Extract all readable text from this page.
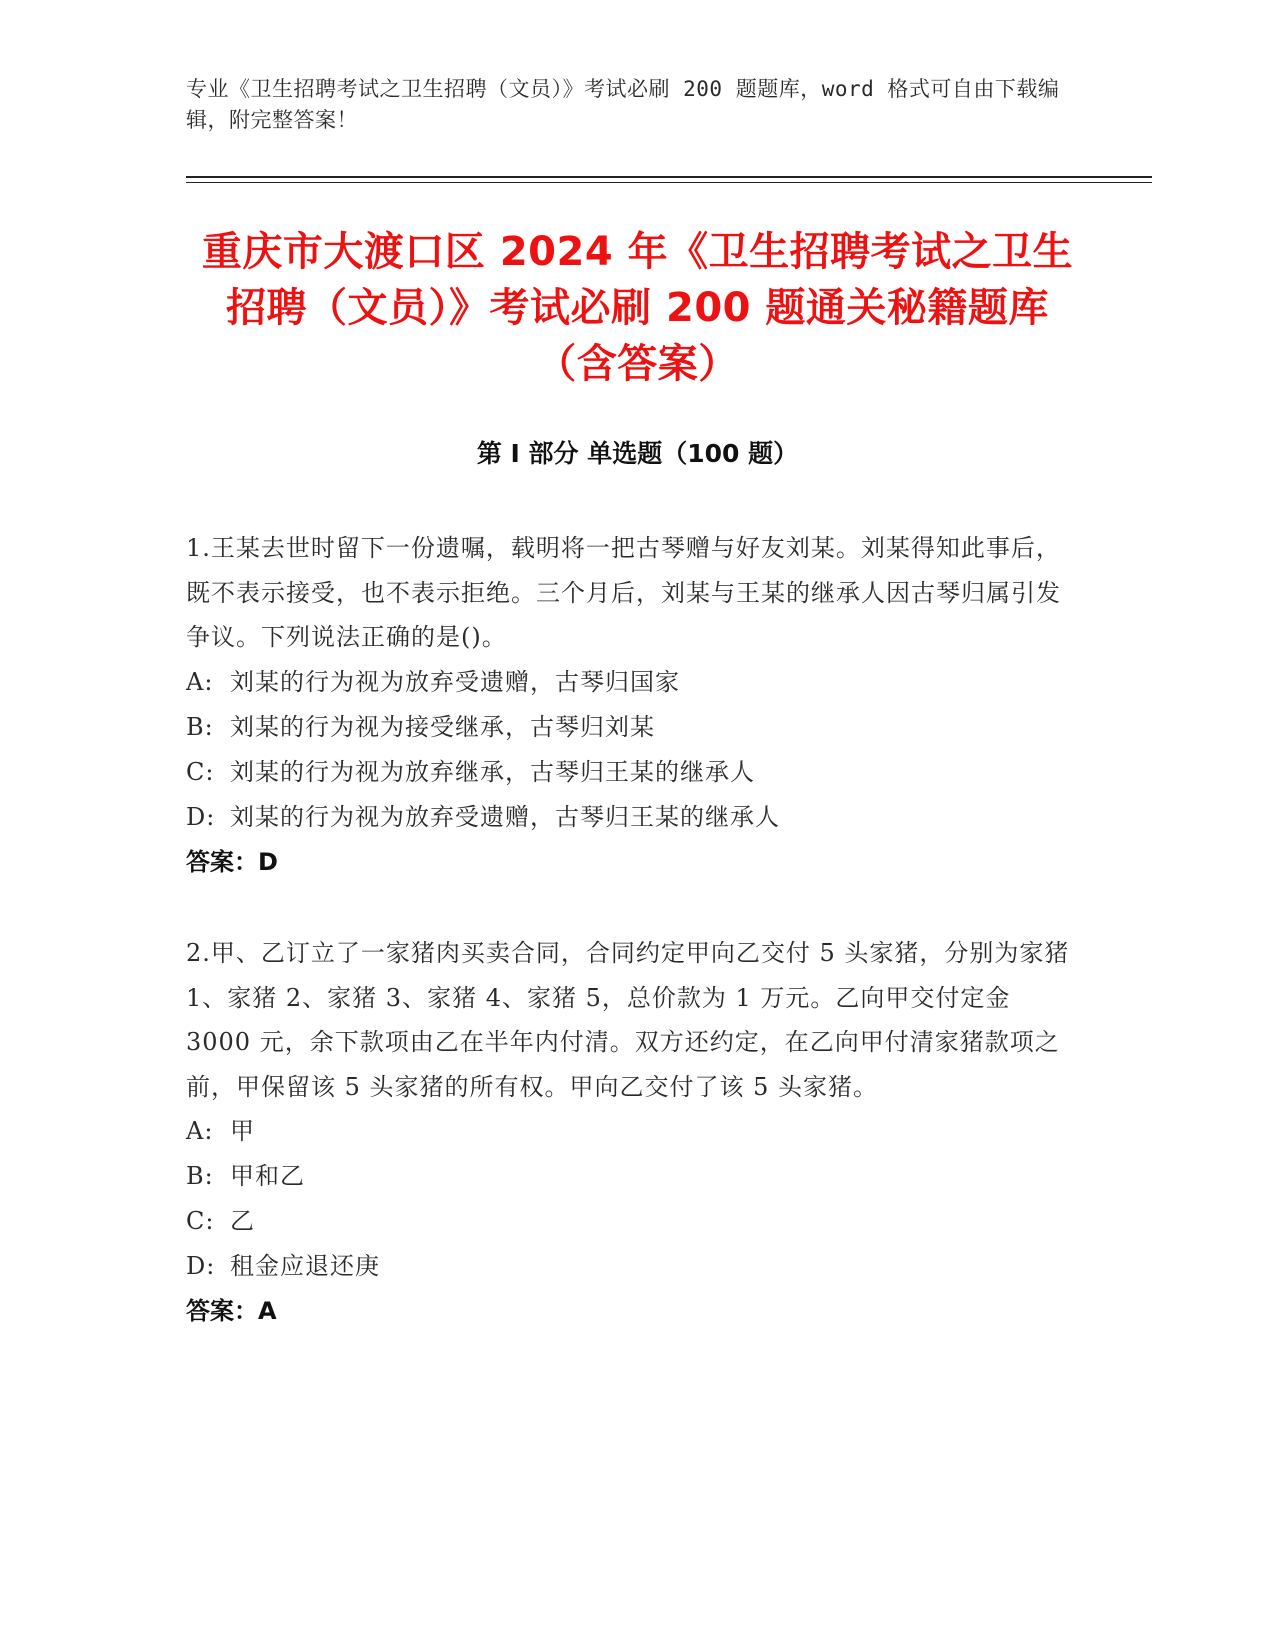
专业《卫生招聘考试之卫生招聘（文员）》考试必刷 200 题题库，word 格式可自由下载编辑，附完整答案！
重庆市大渡口区 2024 年《卫生招聘考试之卫生招聘（文员）》考试必刷 200 题通关秘籍题库（含答案）
第 I 部分 单选题（100 题）

1.王某去世时留下一份遗嘱，载明将一把古琴赠与好友刘某。刘某得知此事后，既不表示接受，也不表示拒绝。三个月后，刘某与王某的继承人因古琴归属引发争议。下列说法正确的是()。

A: 刘某的行为视为放弃受遗赠，古琴归国家

B: 刘某的行为视为接受继承，古琴归刘某

C: 刘某的行为视为放弃继承，古琴归王某的继承人

D: 刘某的行为视为放弃受遗赠，古琴归王某的继承人

答案：D

2.甲、乙订立了一家猪肉买卖合同，合同约定甲向乙交付 5 头家猪，分别为家猪 1、家猪 2、家猪 3、家猪 4、家猪 5，总价款为 1 万元。乙向甲交付定金 3000 元，余下款项由乙在半年内付清。双方还约定，在乙向甲付清家猪款项之前，甲保留该 5 头家猪的所有权。甲向乙交付了该 5 头家猪。

A: 甲

B: 甲和乙

C: 乙

D: 租金应退还庚

答案：A
